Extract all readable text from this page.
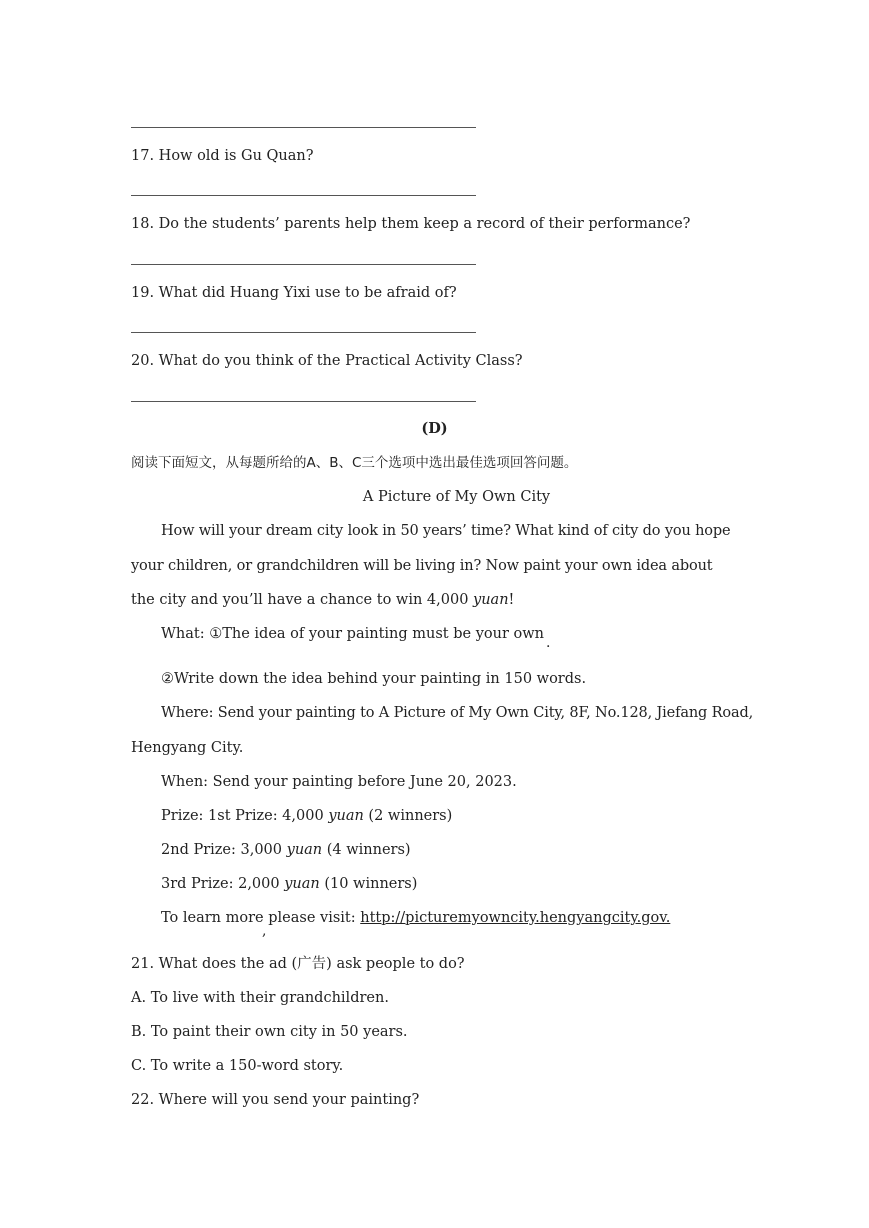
17. How old is Gu Quan?
18. Do the students’ parents help them keep a record of their performance?
19. What did Huang Yixi use to be afraid of?
20. What do you think of the Practical Activity Class?
(D)
阅读下面短文，从每题所给的A、B、C三个选项中选出最佳选项回答问题。
A Picture of My Own City
How will your dream city look in 50 years’ time? What kind of city do you hope
your children, or grandchildren will be living in? Now paint your own idea about
the city and you’ll have a chance to win 4,000 yuan!
What: ①The idea of your painting must be your own
·
②Write down the idea behind your painting in 150 words.
Where: Send your painting to A Picture of My Own City, 8F, No.128, Jiefang Road,
Hengyang City.
When: Send your painting before June 20, 2023.
Prize: 1st Prize: 4,000 yuan (2 winners)
2nd Prize: 3,000 yuan (4 winners)
3rd Prize: 2,000 yuan (10 winners)
To learn more please visit: http://picturemyowncity.hengyangcity.gov.
,
21. What does the ad (广告) ask people to do?
A. To live with their grandchildren.
B. To paint their own city in 50 years.
C. To write a 150-word story.
22. Where will you send your painting?
